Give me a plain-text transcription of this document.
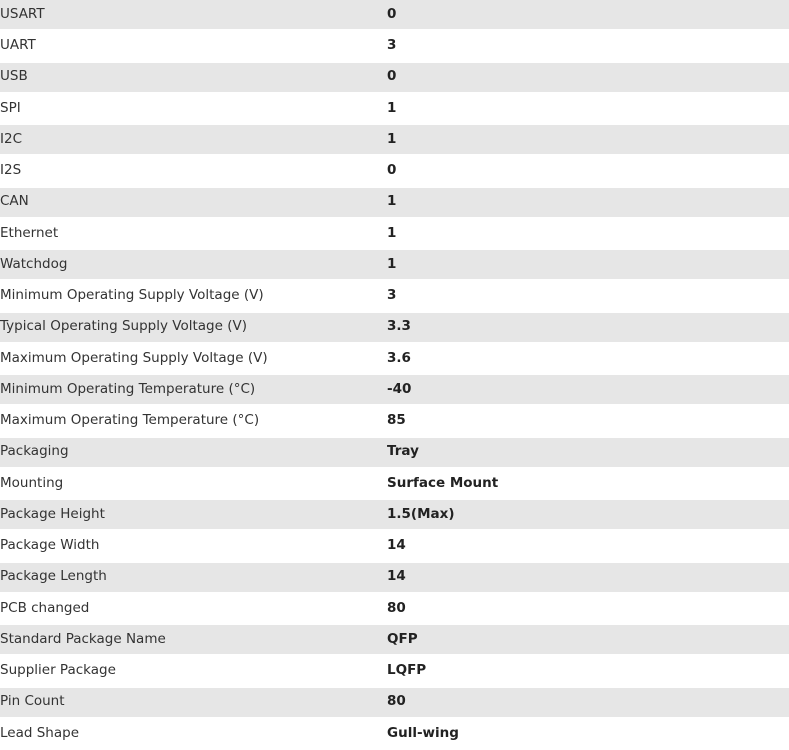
USART	0
UART	3
USB	0
SPI	1
I2C	1
I2S	0
CAN	1
Ethernet	1
Watchdog	1
Minimum Operating Supply Voltage (V)	3
Typical Operating Supply Voltage (V)	3.3
Maximum Operating Supply Voltage (V)	3.6
Minimum Operating Temperature (°C)	-40
Maximum Operating Temperature (°C)	85
Packaging	Tray
Mounting	Surface Mount
Package Height	1.5(Max)
Package Width	14
Package Length	14
PCB changed	80
Standard Package Name	QFP
Supplier Package	LQFP
Pin Count	80
Lead Shape	Gull-wing
